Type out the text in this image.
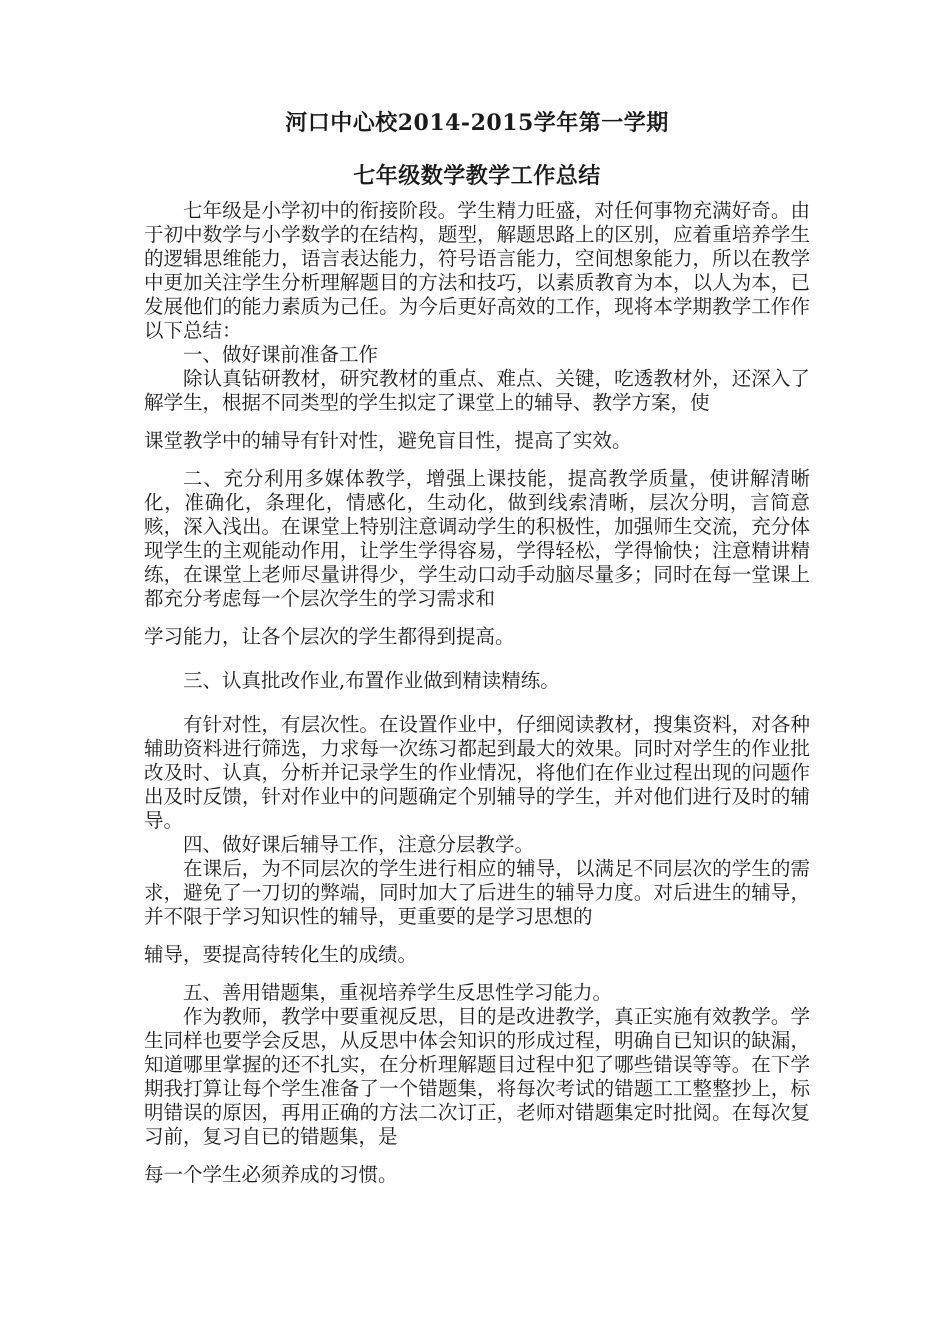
河口中心校2014-2015学年第一学期
七年级数学教学工作总结

七年级是小学初中的衔接阶段。学生精力旺盛，对任何事物充满好奇。由于初中数学与小学数学的在结构，题型，解题思路上的区别，应着重培养学生的逻辑思维能力，语言表达能力，符号语言能力，空间想象能力，所以在教学中更加关注学生分析理解题目的方法和技巧，以素质教育为本，以人为本，已发展他们的能力素质为己任。为今后更好高效的工作，现将本学期教学工作作以下总结：

一、做好课前准备工作

除认真钻研教材，研究教材的重点、难点、关键，吃透教材外，还深入了解学生，根据不同类型的学生拟定了课堂上的辅导、教学方案，使
课堂教学中的辅导有针对性，避免盲目性，提高了实效。

二、充分利用多媒体教学，增强上课技能，提高教学质量，使讲解清晰化，准确化，条理化，情感化，生动化，做到线索清晰，层次分明，言简意赅，深入浅出。在课堂上特别注意调动学生的积极性，加强师生交流，充分体现学生的主观能动作用，让学生学得容易，学得轻松，学得愉快；注意精讲精练，在课堂上老师尽量讲得少，学生动口动手动脑尽量多；同时在每一堂课上都充分考虑每一个层次学生的学习需求和
学习能力，让各个层次的学生都得到提高。

三、认真批改作业,布置作业做到精读精练。

有针对性，有层次性。在设置作业中，仔细阅读教材，搜集资料，对各种辅助资料进行筛选，力求每一次练习都起到最大的效果。同时对学生的作业批改及时、认真，分析并记录学生的作业情况，将他们在作业过程出现的问题作出及时反馈，针对作业中的问题确定个别辅导的学生，并对他们进行及时的辅导。

四、做好课后辅导工作，注意分层教学。

在课后，为不同层次的学生进行相应的辅导，以满足不同层次的学生的需求，避免了一刀切的弊端，同时加大了后进生的辅导力度。对后进生的辅导，并不限于学习知识性的辅导，更重要的是学习思想的
辅导，要提高待转化生的成绩。

五、善用错题集，重视培养学生反思性学习能力。

作为教师，教学中要重视反思，目的是改进教学，真正实施有效教学。学生同样也要学会反思，从反思中体会知识的形成过程，明确自已知识的缺漏，知道哪里掌握的还不扎实，在分析理解题目过程中犯了哪些错误等等。在下学期我打算让每个学生准备了一个错题集，将每次考试的错题工工整整抄上，标明错误的原因，再用正确的方法二次订正，老师对错题集定时批阅。在每次复习前，复习自已的错题集，是
每一个学生必须养成的习惯。
